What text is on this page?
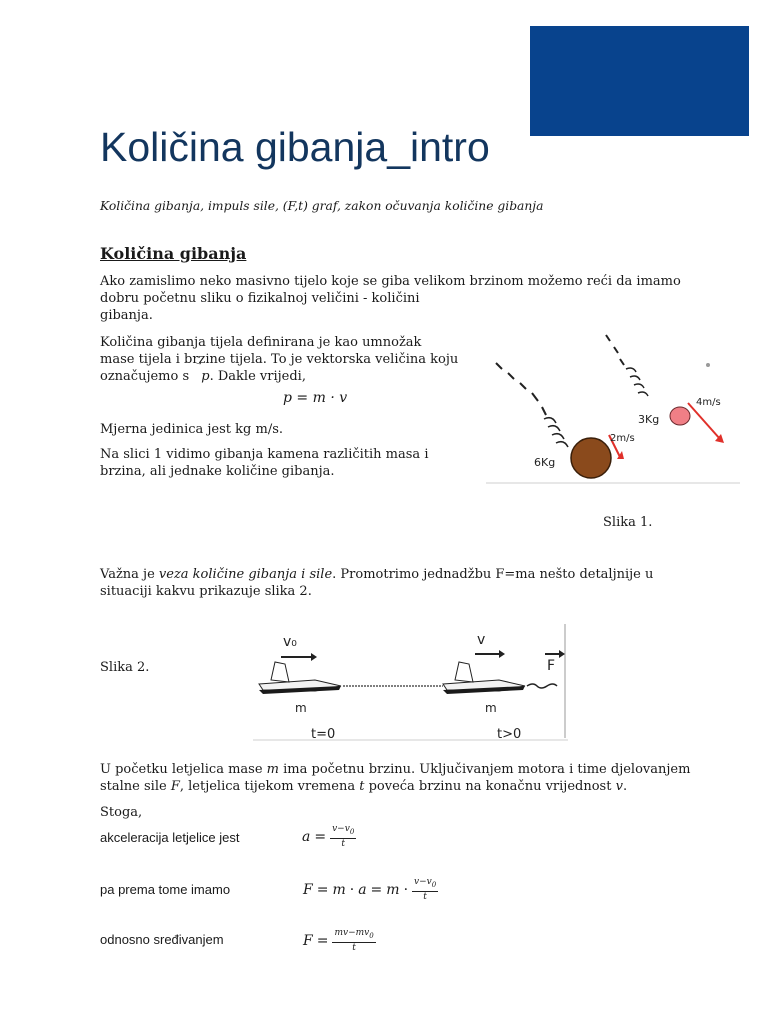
Količina gibanja_intro
Količina gibanja, impuls sile, (F,t) graf, zakon očuvanja količine gibanja
Količina gibanja
Ako zamislimo neko masivno tijelo koje se giba velikom brzinom možemo reći da imamo
dobru početnu sliku o fizikalnoj veličini - količini
gibanja.
Količina gibanja tijela definirana je kao umnožak
mase tijela i brzine tijela. To je vektorska veličina koju
označujemo s p. Dakle vrijedi,
p = m · v
Mjerna jedinica jest kg m/s.
Na slici 1 vidimo gibanja kamena različitih masa i
brzina, ali jednake količine gibanja.
6Kg
2m/s
3Kg
4m/s
Slika 1.
Važna je veza količine gibanja i sile. Promotrimo jednadžbu F=ma nešto detaljnije u
situaciji kakvu prikazuje slika 2.
Slika 2.
v₀	v
F
m	m
t=0	t>0
U početku letjelica mase m ima početnu brzinu. Uključivanjem motora i time djelovanjem
stalne sile F, letjelica tijekom vremena t poveća brzinu na konačnu vrijednost v.
Stoga,
akceleracija letjelice jest	$a = \frac{v-v_0}{t}$
pa prema tome imamo	$F = m \cdot a = m \cdot v-v_0$
t
odnosno sređivanjem	$F = \frac{mv-mv_0}{t}$
